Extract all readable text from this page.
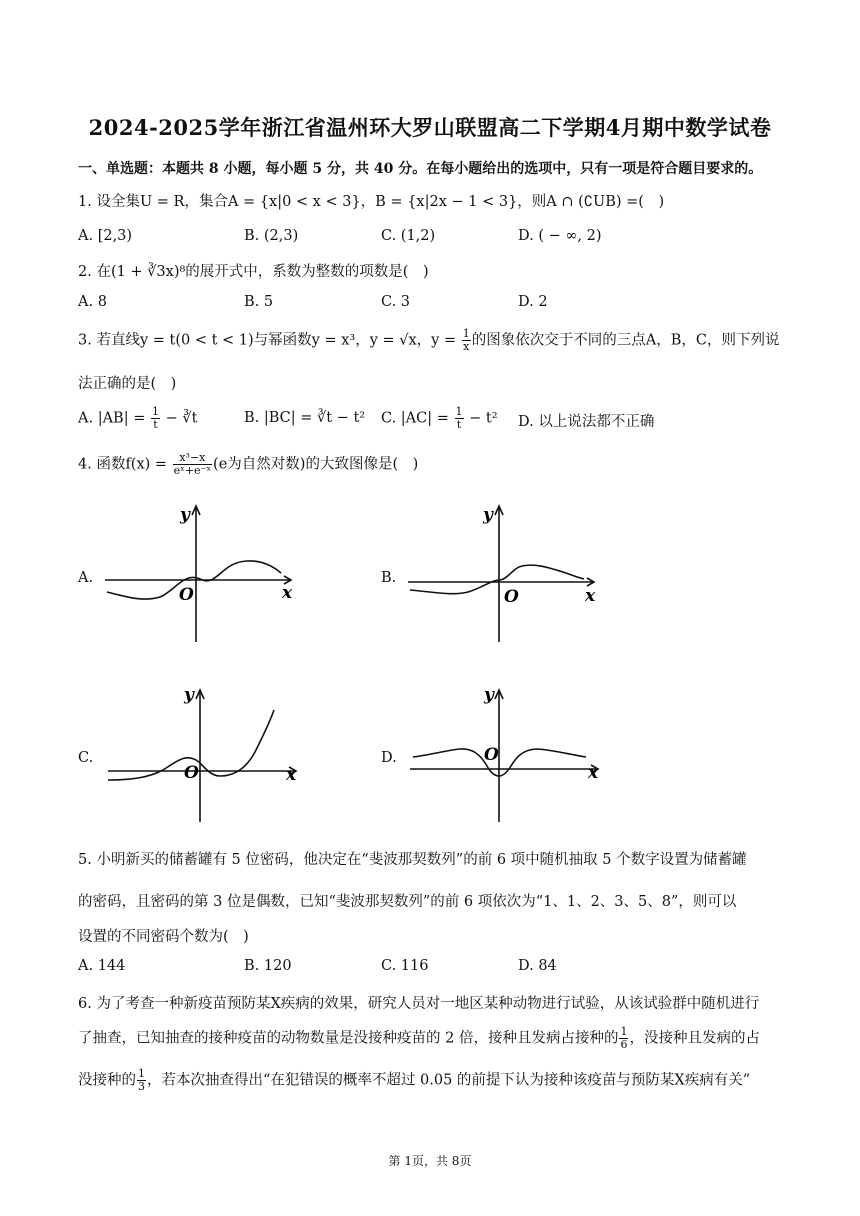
2024-2025学年浙江省温州环大罗山联盟高二下学期4月期中数学试卷
一、单选题：本题共 8 小题，每小题 5 分，共 40 分。在每小题给出的选项中，只有一项是符合题目要求的。
1. 设全集U = R，集合A = {x|0 < x < 3}，B = {x|2x − 1 < 3}，则A ∩ (∁UB) =(　)
A. [2,3)	B. (2,3)	C. (1,2)	D. ( − ∞, 2)
2. 在(1 + ∛3x)⁸的展开式中，系数为整数的项数是(　)
A. 8	B. 5	C. 3	D. 2
3. 若直线y = t(0 < t < 1)与幂函数y = x³，y = √x，$y = \frac{1}{x}$ 的图象依次交于不同的三点A，B，C，则下列说
法正确的是(　)
A. $|AB| = \frac{1}{t}$ − ∛t	B. |BC| = ∛t − t² C. $|AC| = \frac{1}{t} - t^2$ D. 以上说法都不正确
4. 函数$f(x) = \frac{\text{x³−x}}{\text{eˣ+e⁻ˣ}} (e$为自然对数)的大致图像是(　)
A.	B.
C.	D.
y
x
O
y
x
O
y
x
O
y
x
O
5. 小明新买的储蓄罐有 5 位密码，他决定在“斐波那契数列”的前 6 项中随机抽取 5 个数字设置为储蓄罐
的密码，且密码的第 3 位是偶数，已知“斐波那契数列”的前 6 项依次为“1、1、2、3、5、8”，则可以
设置的不同密码个数为(　)
A. 144	B. 120	C. 116	D. 84
6. 为了考查一种新疫苗预防某X疾病的效果，研究人员对一地区某种动物进行试验，从该试验群中随机进行
了抽查，已知抽查的接种疫苗的动物数量是没接种疫苗的 2 倍，接种且发病占接种的 $\frac{1}{6}$ ，没接种且发病的占
没接种的 $\frac{1}{3}$ ，若本次抽查得出“在犯错误的概率不超过 0.05 的前提下认为接种该疫苗与预防某X疾病有关”
第 1页，共 8页
